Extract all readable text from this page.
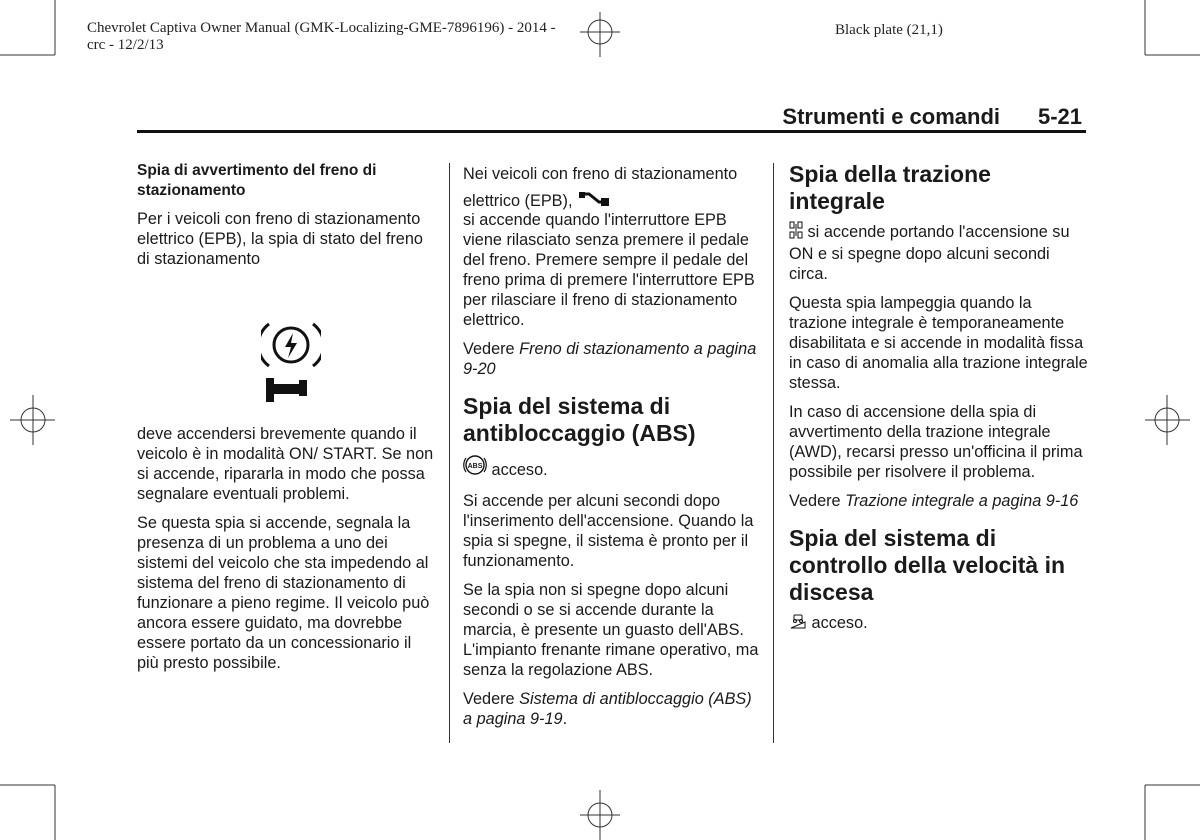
Chevrolet Captiva Owner Manual (GMK-Localizing-GME-7896196) - 2014 -
crc - 12/2/13
Black plate (21,1)
Strumenti e comandi 5-21
Spia di avvertimento del freno di stazionamento

Per i veicoli con freno di stazionamento elettrico (EPB), la spia di stato del freno di stazionamento

deve accendersi brevemente quando il veicolo è in modalità ON/ START. Se non si accende, ripararla in modo che possa segnalare eventuali problemi.

Se questa spia si accende, segnala la presenza di un problema a uno dei sistemi del veicolo che sta impedendo al sistema del freno di stazionamento di funzionare a pieno regime. Il veicolo può ancora essere guidato, ma dovrebbe essere portato da un concessionario il più presto possibile.

Nei veicoli con freno di stazionamento elettrico (EPB),

si accende quando l'interruttore EPB viene rilasciato senza premere il pedale del freno. Premere sempre il pedale del freno prima di premere l'interruttore EPB per rilasciare il freno di stazionamento elettrico.

Vedere Freno di stazionamento a pagina 9-20

Spia del sistema di antibloccaggio (ABS)

ABS acceso.

Si accende per alcuni secondi dopo l'inserimento dell'accensione. Quando la spia si spegne, il sistema è pronto per il funzionamento.

Se la spia non si spegne dopo alcuni secondi o se si accende durante la marcia, è presente un guasto dell'ABS. L'impianto frenante rimane operativo, ma senza la regolazione ABS.

Vedere Sistema di antibloccaggio (ABS) a pagina 9-19.

Spia della trazione integrale

si accende portando l'accensione su ON e si spegne dopo alcuni secondi circa.

Questa spia lampeggia quando la trazione integrale è temporaneamente disabilitata e si accende in modalità fissa in caso di anomalia alla trazione integrale stessa.

In caso di accensione della spia di avvertimento della trazione integrale (AWD), recarsi presso un'officina il prima possibile per risolvere il problema.

Vedere Trazione integrale a pagina 9-16

Spia del sistema di controllo della velocità in discesa

acceso.
